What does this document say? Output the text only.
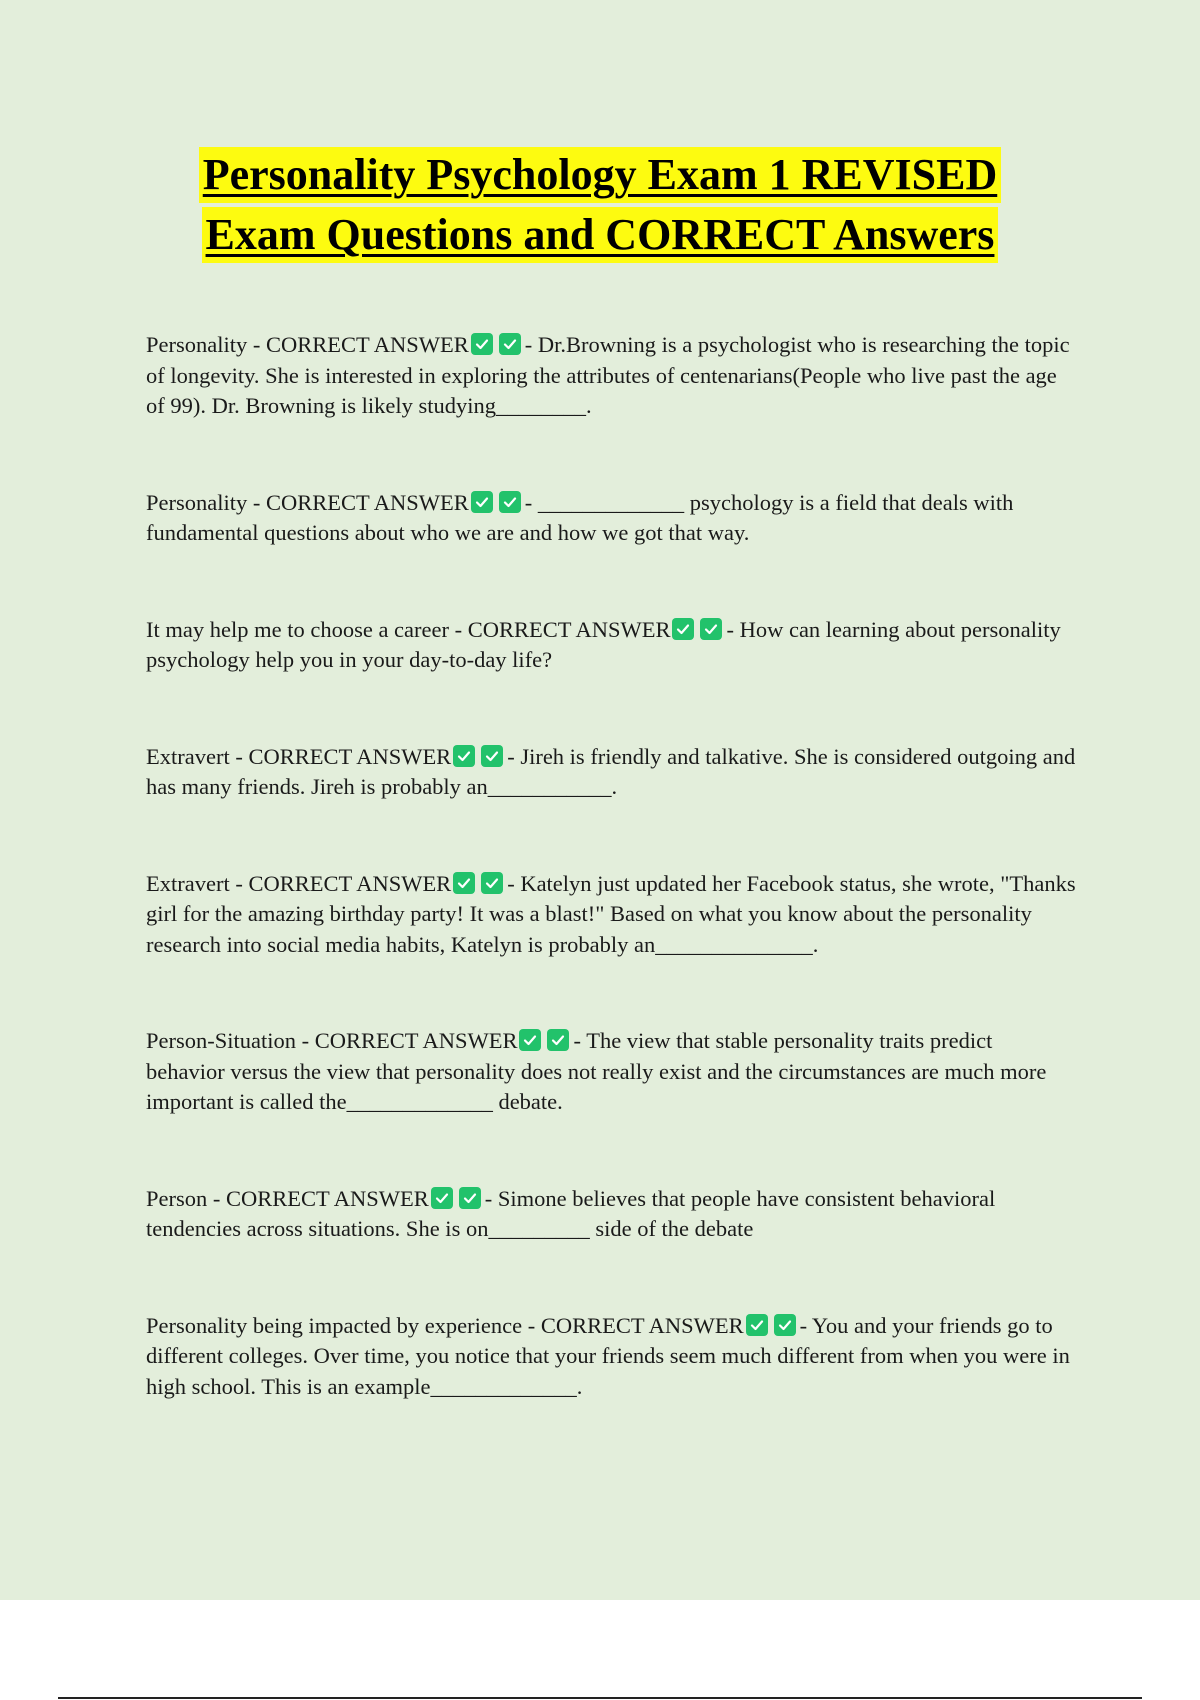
Personality Psychology Exam 1 REVISED
Exam Questions and CORRECT Answers

Personality - CORRECT ANSWER - Dr.Browning is a psychologist who is researching the topic of longevity. She is interested in exploring the attributes of centenarians(People who live past the age of 99). Dr. Browning is likely studying________.

Personality - CORRECT ANSWER - _____________ psychology is a field that deals with fundamental questions about who we are and how we got that way.

It may help me to choose a career - CORRECT ANSWER - How can learning about personality psychology help you in your day-to-day life?

Extravert - CORRECT ANSWER - Jireh is friendly and talkative. She is considered outgoing and has many friends. Jireh is probably an___________.

Extravert - CORRECT ANSWER - Katelyn just updated her Facebook status, she wrote, "Thanks girl for the amazing birthday party! It was a blast!" Based on what you know about the personality research into social media habits, Katelyn is probably an______________.

Person-Situation - CORRECT ANSWER - The view that stable personality traits predict behavior versus the view that personality does not really exist and the circumstances are much more important is called the_____________ debate.

Person - CORRECT ANSWER - Simone believes that people have consistent behavioral tendencies across situations. She is on_________ side of the debate

Personality being impacted by experience - CORRECT ANSWER - You and your friends go to different colleges. Over time, you notice that your friends seem much different from when you were in high school. This is an example_____________.
